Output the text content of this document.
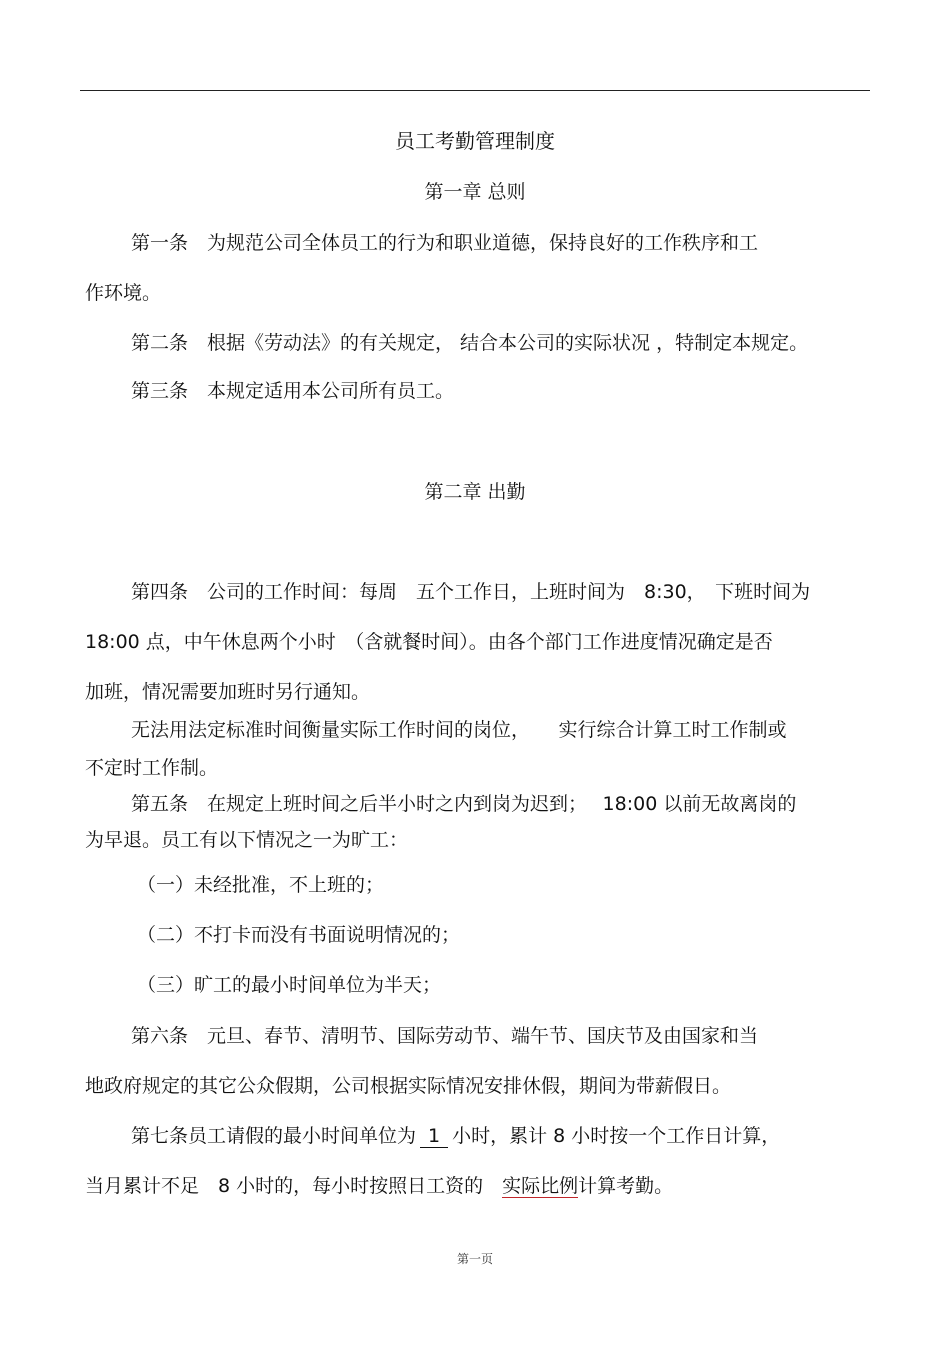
员工考勤管理制度
第一章 总则
第一条　为规范公司全体员工的行为和职业道德，保持良好的工作秩序和工
作环境。
第二条　根据《劳动法》的有关规定， 结合本公司的实际状况 ，特制定本规定。
第三条　本规定适用本公司所有员工。
第二章 出勤
第四条　公司的工作时间：每周　五个工作日，上班时间为　8:30，　下班时间为
18:00 点，中午休息两个小时　（含就餐时间）。由各个部门工作进度情况确定是否
加班，情况需要加班时另行通知。
无法用法定标准时间衡量实际工作时间的岗位，　　实行综合计算工时工作制或
不定时工作制。
第五条　在规定上班时间之后半小时之内到岗为迟到；　 18:00 以前无故离岗的
为早退。员工有以下情况之一为旷工：
（一）未经批准，不上班的；
（二）不打卡而没有书面说明情况的；
（三）旷工的最小时间单位为半天；
第六条　元旦、春节、清明节、国际劳动节、端午节、国庆节及由国家和当
地政府规定的其它公众假期，公司根据实际情况安排休假，期间为带薪假日。
第七条员工请假的最小时间单位为 1 小时，累计 8 小时按一个工作日计算，
当月累计不足　8 小时的，每小时按照日工资的　实际比例计算考勤。
第一页
